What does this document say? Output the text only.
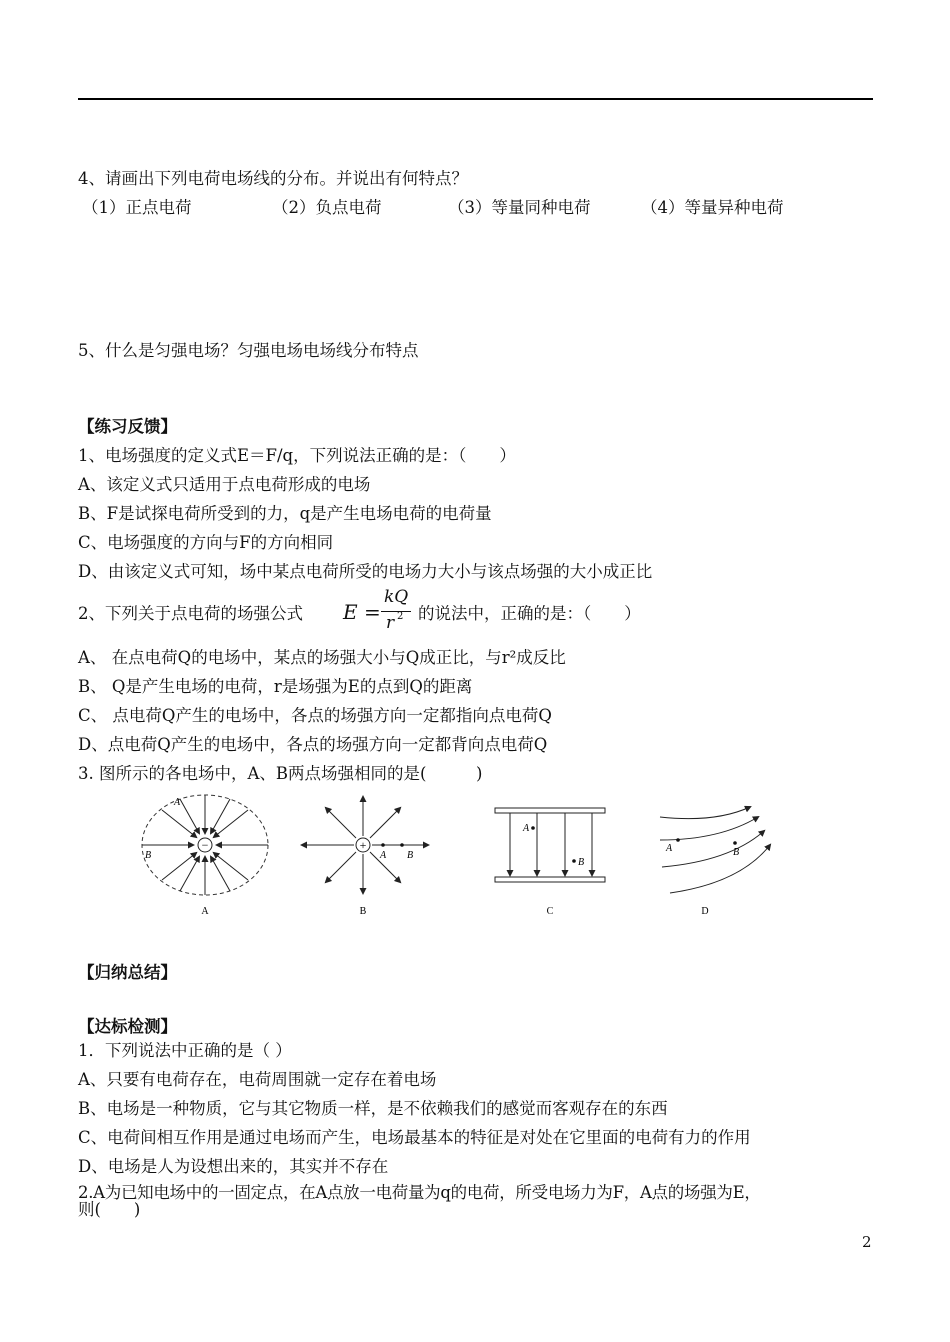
4、请画出下列电荷电场线的分布。并说出有何特点？
（1）正点电荷	（2）负点电荷	（3）等量同种电荷	（4）等量异种电荷
5、什么是匀强电场？匀强电场电场线分布特点
【练习反馈】
1、电场强度的定义式E＝F/q，下列说法正确的是：（　　）
A、该定义式只适用于点电荷形成的电场
B、F是试探电荷所受到的力，q是产生电场电荷的电荷量
C、电场强度的方向与F的方向相同
D、由该定义式可知，场中某点电荷所受的电场力大小与该点场强的大小成正比
2、下列关于点电荷的场强公式 E =
kQ
r 2 的说法中，正确的是：（　　）
A、 在点电荷Q的电场中，某点的场强大小与Q成正比，与r²成反比
B、 Q是产生电场的电荷，r是场强为E的点到Q的距离
C、 点电荷Q产生的电场中，各点的场强方向一定都指向点电荷Q
D、点电荷Q产生的电场中，各点的场强方向一定都背向点电荷Q
3. 图所示的各电场中，A、B两点场强相同的是(　　　)
−
A
B
A
+
A B
B
A
B
C
A	B
D
【归纳总结】
【达标检测】
1．下列说法中正确的是（ ）
A、只要有电荷存在，电荷周围就一定存在着电场
B、电场是一种物质，它与其它物质一样，是不依赖我们的感觉而客观存在的东西
C、电荷间相互作用是通过电场而产生，电场最基本的特征是对处在它里面的电荷有力的作用
D、电场是人为设想出来的，其实并不存在
2.A为已知电场中的一固定点，在A点放一电荷量为q的电荷，所受电场力为F，A点的场强为E，
则(　　)
2
